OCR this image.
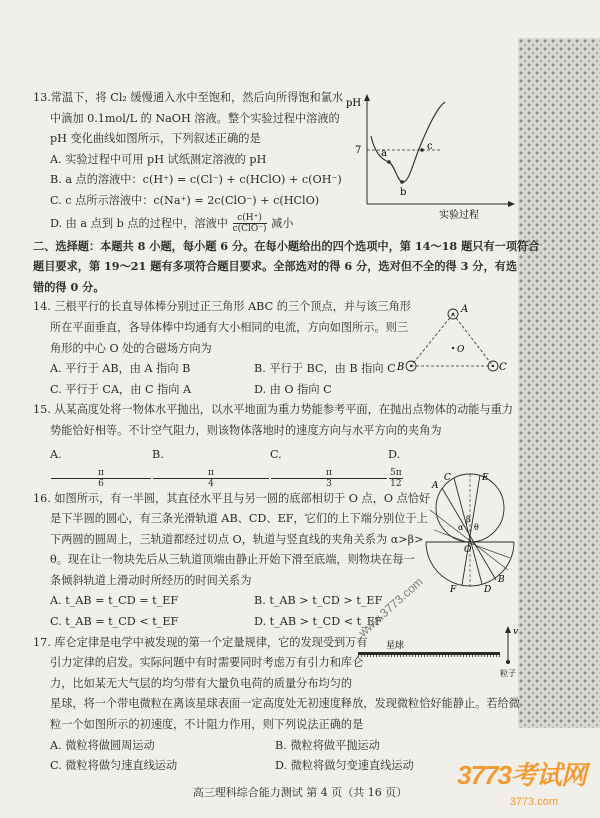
13.常温下，将 Cl₂ 缓慢通入水中至饱和，然后向所得饱和氯水

中滴加 0.1mol/L 的 NaOH 溶液。整个实验过程中溶液的

pH 变化曲线如图所示，下列叙述正确的是

A. 实验过程中可用 pH 试纸测定溶液的 pH

B. a 点的溶液中：c(H⁺) = c(Cl⁻) + c(HClO) + c(OH⁻)

C. c 点所示溶液中：c(Na⁺) = 2c(ClO⁻) + c(HClO)

D. 由 a 点到 b 点的过程中，溶液中 $\frac{c(H^+)}{\text{c(ClO⁻)}}$ 减小

二、选择题：本题共 8 小题，每小题 6 分。在每小题给出的四个选项中，第 14～18 题只有一项符合

题目要求，第 19～21 题有多项符合题目要求。全部选对的得 6 分，选对但不全的得 3 分，有选

错的得 0 分。

14. 三根平行的长直导体棒分别过正三角形 ABC 的三个顶点，并与该三角形

所在平面垂直，各导体棒中均通有大小相同的电流，方向如图所示。则三

角形的中心 O 处的合磁场方向为

A. 平行于 AB，由 A 指向 B	B. 平行于 BC，由 B 指向 C
C. 平行于 CA，由 C 指向 A	D. 由 O 指向 C

15. 从某高度处将一物体水平抛出，以水平地面为重力势能参考平面，在抛出点物体的动能与重力

势能恰好相等。不计空气阻力，则该物体落地时的速度方向与水平方向的夹角为

A.
π
6
B.
π
4
C.
π
3
D.
5π
12

16. 如图所示，有一半圆，其直径水平且与另一圆的底部相切于 O 点，O 点恰好

是下半圆的圆心，有三条光滑轨道 AB、CD、EF，它们的上下端分别位于上

下两圆的圆周上，三轨道都经过切点 O，轨道与竖直线的夹角关系为 α>β>

θ。现在让一物块先后从三轨道顶端由静止开始下滑至底端，则物块在每一

条倾斜轨道上滑动时所经历的时间关系为

A. t_AB = t_CD = t_EF	B. t_AB > t_CD > t_EF
C. t_AB = t_CD < t_EF	D. t_AB > t_CD < t_EF

17. 库仑定律是电学中被发现的第一个定量规律，它的发现受到万有

引力定律的启发。实际问题中有时需要同时考虑万有引力和库仑

力，比如某无大气层的均匀带有大量负电荷的质量分布均匀的

星球，将一个带电微粒在离该星球表面一定高度处无初速度释放，发现微粒恰好能静止。若给微

粒一个如图所示的初速度，不计阻力作用，则下列说法正确的是

A. 微粒将做圆周运动	B. 微粒将做平抛运动
C. 微粒将做匀速直线运动	D. 微粒将做匀变速直线运动
pH
7 a
b
c
实验过程
A
B	C
O
A
B
C
D
E
F
O
α
β
θ
星球
v
粒子
www.3773.com
高三理科综合能力测试 第 4 页（共 16 页）
3773考试网
3773.com
